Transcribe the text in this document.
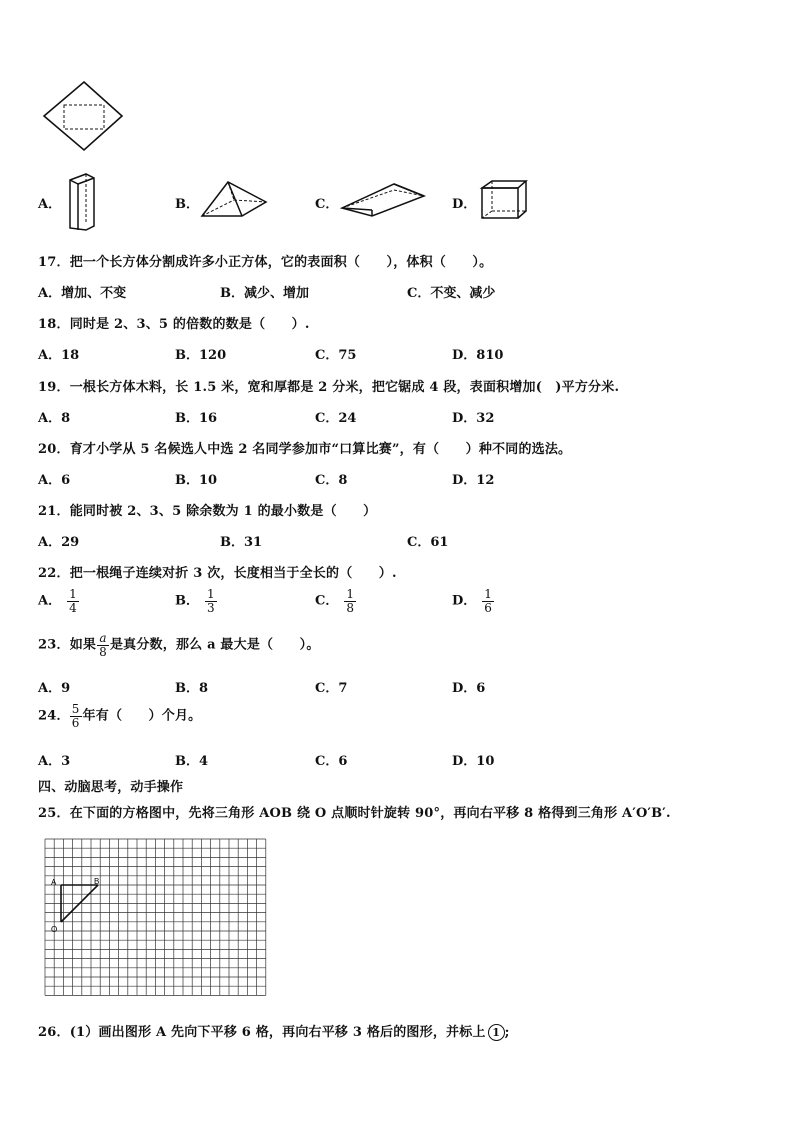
A．	B．	C．	D．
17．把一个长方体分割成许多小正方体，它的表面积（　　），体积（　　）。
A．增加、不变	B．减少、增加	C．不变、减少
18．同时是 2、3、5 的倍数的数是（　　）.
A．18	B．120	C．75	D．810
19．一根长方体木料，长 1.5 米，宽和厚都是 2 分米，把它锯成 4 段，表面积增加(　)平方分米.
A．8	B．16	C．24	D．32
20．育才小学从 5 名候选人中选 2 名同学参加市“口算比赛”，有（　　）种不同的选法。
A．6	B．10	C．8	D．12
21．能同时被 2、3、5 除余数为 1 的最小数是（　　）
A．29	B．31	C．61
22．把一根绳子连续对折 3 次，长度相当于全长的（　　）.
A． $\frac{1}{4}$	B． $\frac{1}{3}$	C． $\frac{1}{8}$	D． $\frac{1}{6}$
23．如果 $\frac{a}{8}$ 是真分数，那么 a 最大是（　　）。
A．9	B．8	C．7	D．6
24． $\frac{5}{6}$ 年有（　　）个月。
A．3	B．4	C．6	D．10
四、动脑思考，动手操作
25．在下面的方格图中，先将三角形 AOB 绕 O 点顺时针旋转 90°，再向右平移 8 格得到三角形 A′O′B′.
A	B
O
26．(1）画出图形 A 先向下平移 6 格，再向右平移 3 格后的图形，并标上 1 ;
